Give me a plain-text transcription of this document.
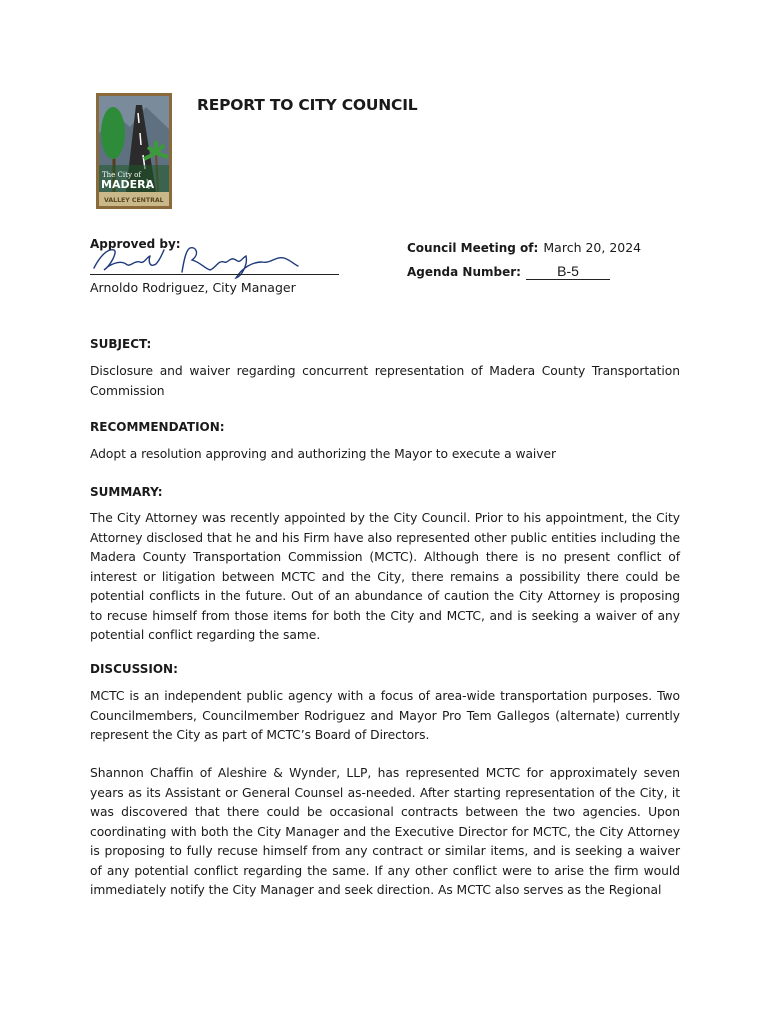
The City of
MADERA
VALLEY CENTRAL
REPORT TO CITY COUNCIL
Approved by:
Arnoldo Rodriguez, City Manager
Council Meeting of: March 20, 2024
Agenda Number:	B-5
SUBJECT:
Disclosure and waiver regarding concurrent representation of Madera County Transportation Commission
RECOMMENDATION:
Adopt a resolution approving and authorizing the Mayor to execute a waiver
SUMMARY:
The City Attorney was recently appointed by the City Council. Prior to his appointment, the City Attorney disclosed that he and his Firm have also represented other public entities including the Madera County Transportation Commission (MCTC). Although there is no present conflict of interest or litigation between MCTC and the City, there remains a possibility there could be potential conflicts in the future. Out of an abundance of caution the City Attorney is proposing to recuse himself from those items for both the City and MCTC, and is seeking a waiver of any potential conflict regarding the same.
DISCUSSION:
MCTC is an independent public agency with a focus of area-wide transportation purposes. Two Councilmembers, Councilmember Rodriguez and Mayor Pro Tem Gallegos (alternate) currently represent the City as part of MCTC’s Board of Directors.
Shannon Chaffin of Aleshire & Wynder, LLP, has represented MCTC for approximately seven years as its Assistant or General Counsel as-needed. After starting representation of the City, it was discovered that there could be occasional contracts between the two agencies. Upon coordinating with both the City Manager and the Executive Director for MCTC, the City Attorney is proposing to fully recuse himself from any contract or similar items, and is seeking a waiver of any potential conflict regarding the same. If any other conflict were to arise the firm would immediately notify the City Manager and seek direction. As MCTC also serves as the Regional
